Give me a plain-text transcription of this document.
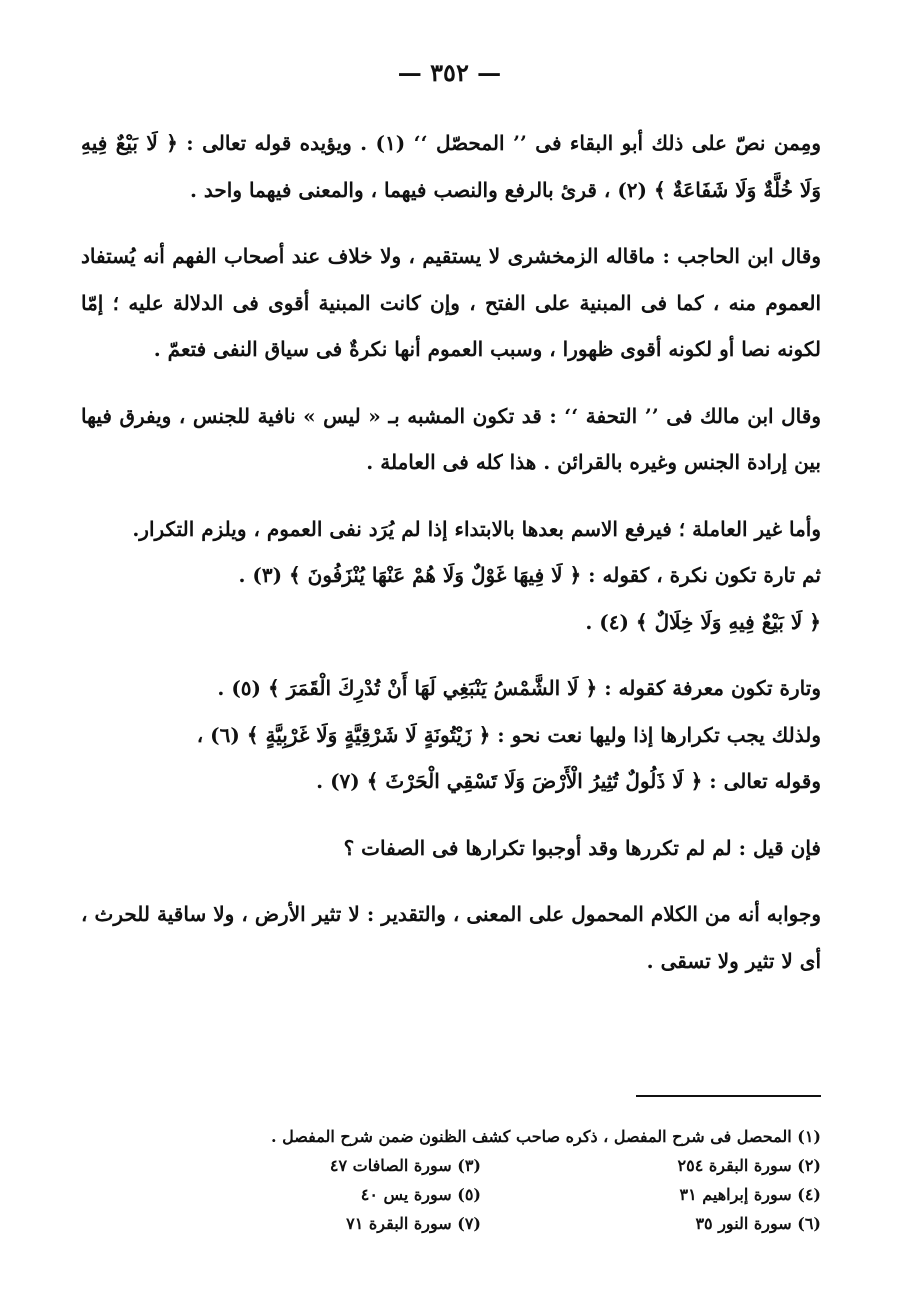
— ٣٥٢ —

ومِمن نصّ على ذلك أبو البقاء فى ’’ المحصّل ‘‘ (١) . ويؤيده قوله تعالى : ﴿ لَا بَيْعٌ فِيهِ وَلَا خُلَّةٌ وَلَا شَفَاعَةٌ ﴾ (٢) ، قرئ بالرفع والنصب فيهما ، والمعنى فيهما واحد .

وقال ابن الحاجب : ماقاله الزمخشرى لا يستقيم ، ولا خلاف عند أصحاب الفهم أنه يُستفاد العموم منه ، كما فى المبنية على الفتح ، وإن كانت المبنية أقوى فى الدلالة عليه ؛ إمّا لكونه نصا أو لكونه أقوى ظهورا ، وسبب العموم أنها نكرةٌ فى سياق النفى فتعمّ .

وقال ابن مالك فى ’’ التحفة ‘‘ : قد تكون المشبه بـ « ليس » نافية للجنس ، ويفرق فيها بين إرادة الجنس وغيره بالقرائن . هذا كله فى العاملة .

وأما غير العاملة ؛ فيرفع الاسم بعدها بالابتداء إذا لم يُرَد نفى العموم ، ويلزم التكرار.

ثم تارة تكون نكرة ، كقوله : ﴿ لَا فِيهَا غَوْلٌ وَلَا هُمْ عَنْهَا يُنْزَفُونَ ﴾ (٣) .

﴿ لَا بَيْعٌ فِيهِ وَلَا خِلَالٌ ﴾ (٤) .

وتارة تكون معرفة كقوله : ﴿ لَا الشَّمْسُ يَنْبَغِي لَهَا أَنْ تُدْرِكَ الْقَمَرَ ﴾ (٥) .

ولذلك يجب تكرارها إذا وليها نعت نحو : ﴿ زَيْتُونَةٍ لَا شَرْقِيَّةٍ وَلَا غَرْبِيَّةٍ ﴾ (٦) ،

وقوله تعالى : ﴿ لَا ذَلُولٌ تُثِيرُ الْأَرْضَ وَلَا تَسْقِي الْحَرْثَ ﴾ (٧) .

فإن قيل : لم لم تكررها وقد أوجبوا تكرارها فى الصفات ؟

وجوابه أنه من الكلام المحمول على المعنى ، والتقدير : لا تثير الأرض ، ولا ساقية للحرث ، أى لا تثير ولا تسقى .

(١) المحصل فى شرح المفصل ، ذكره صاحب كشف الظنون ضمن شرح المفصل .
(٢) سورة البقرة ٢٥٤
(٣) سورة الصافات ٤٧
(٤) سورة إبراهيم ٣١
(٥) سورة يس ٤٠
(٦) سورة النور ٣٥
(٧) سورة البقرة ٧١
